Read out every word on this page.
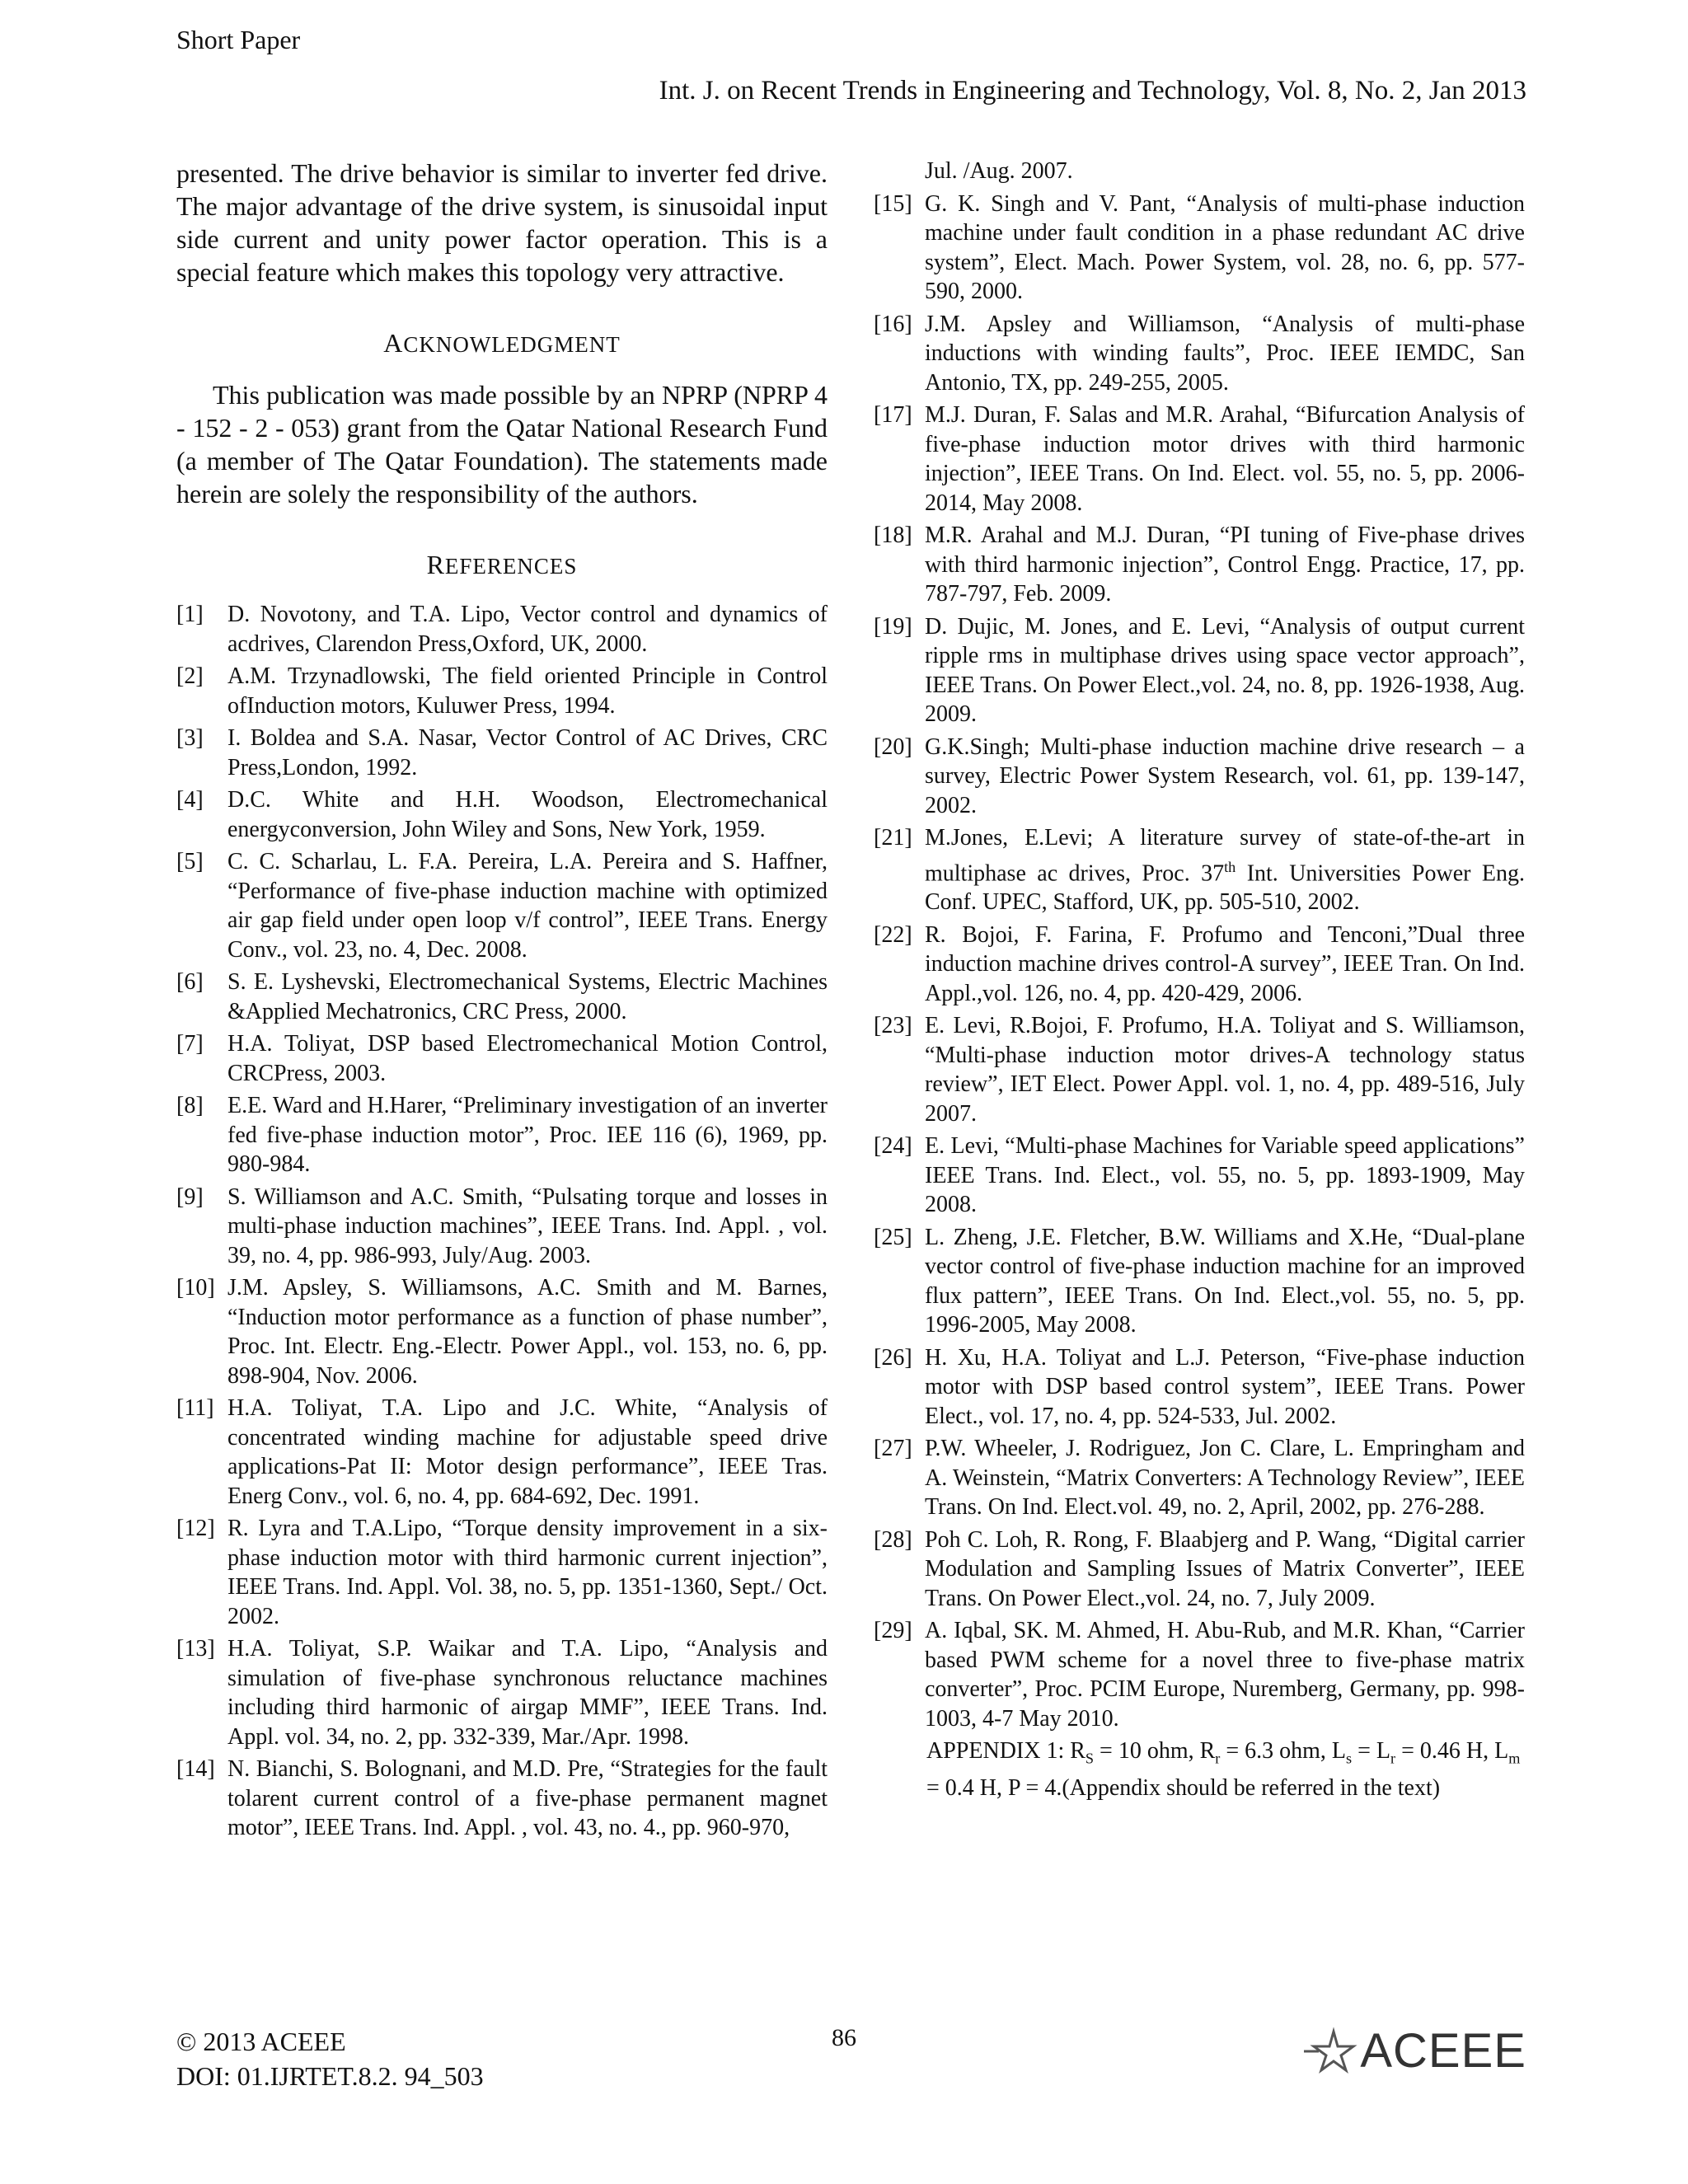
Short Paper
Int. J. on Recent Trends in Engineering and Technology, Vol. 8, No. 2, Jan 2013

presented. The drive behavior is similar to inverter fed drive. The major advantage of the drive system, is sinusoidal input side current and unity power factor operation. This is a special feature which makes this topology very attractive.

ACKNOWLEDGMENT

This publication was made possible by an NPRP (NPRP 4 - 152 - 2 - 053) grant from the Qatar National Research Fund (a member of The Qatar Foundation). The statements made herein are solely the responsibility of the authors.

REFERENCES
[1] D. Novotony, and T.A. Lipo, Vector control and dynamics of acdrives, Clarendon Press,Oxford, UK, 2000.
[2] A.M. Trzynadlowski, The field oriented Principle in Control ofInduction motors, Kuluwer Press, 1994.
[3] I. Boldea and S.A. Nasar, Vector Control of AC Drives, CRC Press,London, 1992.
[4] D.C. White and H.H. Woodson, Electromechanical energyconversion, John Wiley and Sons, New York, 1959.
[5] C. C. Scharlau, L. F.A. Pereira, L.A. Pereira and S. Haffner, “Performance of five-phase induction machine with optimized air gap field under open loop v/f control”, IEEE Trans. Energy Conv., vol. 23, no. 4, Dec. 2008.
[6] S. E. Lyshevski, Electromechanical Systems, Electric Machines &Applied Mechatronics, CRC Press, 2000.
[7] H.A. Toliyat, DSP based Electromechanical Motion Control, CRCPress, 2003.
[8] E.E. Ward and H.Harer, “Preliminary investigation of an inverter fed five-phase induction motor”, Proc. IEE 116 (6), 1969, pp. 980-984.
[9] S. Williamson and A.C. Smith, “Pulsating torque and losses in multi-phase induction machines”, IEEE Trans. Ind. Appl. , vol. 39, no. 4, pp. 986-993, July/Aug. 2003.
[10] J.M. Apsley, S. Williamsons, A.C. Smith and M. Barnes, “Induction motor performance as a function of phase number”, Proc. Int. Electr. Eng.-Electr. Power Appl., vol. 153, no. 6, pp. 898-904, Nov. 2006.
[11] H.A. Toliyat, T.A. Lipo and J.C. White, “Analysis of concentrated winding machine for adjustable speed drive applications-Pat II: Motor design performance”, IEEE Tras. Energ Conv., vol. 6, no. 4, pp. 684-692, Dec. 1991.
[12] R. Lyra and T.A.Lipo, “Torque density improvement in a six-phase induction motor with third harmonic current injection”, IEEE Trans. Ind. Appl. Vol. 38, no. 5, pp. 1351-1360, Sept./ Oct. 2002.
[13] H.A. Toliyat, S.P. Waikar and T.A. Lipo, “Analysis and simulation of five-phase synchronous reluctance machines including third harmonic of airgap MMF”, IEEE Trans. Ind. Appl. vol. 34, no. 2, pp. 332-339, Mar./Apr. 1998.
[14] N. Bianchi, S. Bolognani, and M.D. Pre, “Strategies for the fault tolarent current control of a five-phase permanent magnet motor”, IEEE Trans. Ind. Appl. , vol. 43, no. 4., pp. 960-970,
Jul. /Aug. 2007.
[15] G. K. Singh and V. Pant, “Analysis of multi-phase induction machine under fault condition in a phase redundant AC drive system”, Elect. Mach. Power System, vol. 28, no. 6, pp. 577-590, 2000.
[16] J.M. Apsley and Williamson, “Analysis of multi-phase inductions with winding faults”, Proc. IEEE IEMDC, San Antonio, TX, pp. 249-255, 2005.
[17] M.J. Duran, F. Salas and M.R. Arahal, “Bifurcation Analysis of five-phase induction motor drives with third harmonic injection”, IEEE Trans. On Ind. Elect. vol. 55, no. 5, pp. 2006-2014, May 2008.
[18] M.R. Arahal and M.J. Duran, “PI tuning of Five-phase drives with third harmonic injection”, Control Engg. Practice, 17, pp. 787-797, Feb. 2009.
[19] D. Dujic, M. Jones, and E. Levi, “Analysis of output current ripple rms in multiphase drives using space vector approach”, IEEE Trans. On Power Elect.,vol. 24, no. 8, pp. 1926-1938, Aug. 2009.
[20] G.K.Singh; Multi-phase induction machine drive research – a survey, Electric Power System Research, vol. 61, pp. 139-147, 2002.
[21] M.Jones, E.Levi; A literature survey of state-of-the-art in multiphase ac drives, Proc. 37th Int. Universities Power Eng. Conf. UPEC, Stafford, UK, pp. 505-510, 2002.
[22] R. Bojoi, F. Farina, F. Profumo and Tenconi,”Dual three induction machine drives control-A survey”, IEEE Tran. On Ind. Appl.,vol. 126, no. 4, pp. 420-429, 2006.
[23] E. Levi, R.Bojoi, F. Profumo, H.A. Toliyat and S. Williamson, “Multi-phase induction motor drives-A technology status review”, IET Elect. Power Appl. vol. 1, no. 4, pp. 489-516, July 2007.
[24] E. Levi, “Multi-phase Machines for Variable speed applications” IEEE Trans. Ind. Elect., vol. 55, no. 5, pp. 1893-1909, May 2008.
[25] L. Zheng, J.E. Fletcher, B.W. Williams and X.He, “Dual-plane vector control of five-phase induction machine for an improved flux pattern”, IEEE Trans. On Ind. Elect.,vol. 55, no. 5, pp. 1996-2005, May 2008.
[26] H. Xu, H.A. Toliyat and L.J. Peterson, “Five-phase induction motor with DSP based control system”, IEEE Trans. Power Elect., vol. 17, no. 4, pp. 524-533, Jul. 2002.
[27] P.W. Wheeler, J. Rodriguez, Jon C. Clare, L. Empringham and A. Weinstein, “Matrix Converters: A Technology Review”, IEEE Trans. On Ind. Elect.vol. 49, no. 2, April, 2002, pp. 276-288.
[28] Poh C. Loh, R. Rong, F. Blaabjerg and P. Wang, “Digital carrier Modulation and Sampling Issues of Matrix Converter”, IEEE Trans. On Power Elect.,vol. 24, no. 7, July 2009.
[29] A. Iqbal, SK. M. Ahmed, H. Abu-Rub, and M.R. Khan, “Carrier based PWM scheme for a novel three to five-phase matrix converter”, Proc. PCIM Europe, Nuremberg, Germany, pp. 998-1003, 4-7 May 2010.
APPENDIX 1: $R_S = 10$ ohm, $R_r = 6.3$ ohm, $L_s = L_r = 0.46$ H, $L_m = 0.4$ H, P = 4.(Appendix should be referred in the text)
© 2013 ACEEE
DOI: 01.IJRTET.8.2. 94_503
86	ACEEE
